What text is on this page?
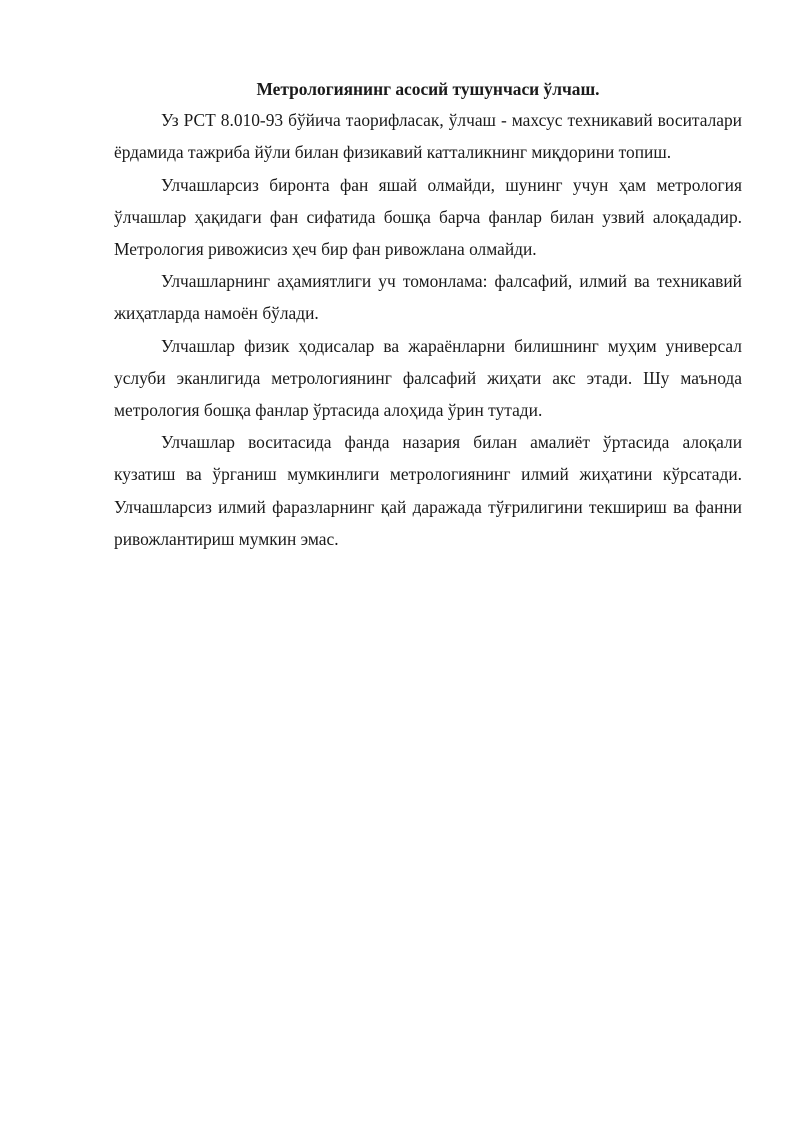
Метрологиянинг асосий тушунчаси ўлчаш.

Уз РСТ 8.010-93 бўйича таорифласак, ўлчаш - махсус техникавий воситалари ёрдамида тажриба йўли билан физикавий катталикнинг миқдорини топиш.

Улчашларсиз биронта фан яшай олмайди, шунинг учун ҳам метрология ўлчашлар ҳақидаги фан сифатида бошқа барча фанлар билан узвий алоқададир. Метрология ривожисиз ҳеч бир фан ривожлана олмайди.

Улчашларнинг аҳамиятлиги уч томонлама: фалсафий, илмий ва техникавий жиҳатларда намоён бўлади.

Улчашлар физик ҳодисалар ва жараёнларни билишнинг муҳим универсал услуби эканлигида метрологиянинг фалсафий жиҳати акс этади. Шу маънода метрология бошқа фанлар ўртасида алоҳида ўрин тутади.

Улчашлар воситасида фанда назария билан амалиёт ўртасида алоқали кузатиш ва ўрганиш мумкинлиги метрологиянинг илмий жиҳатини кўрсатади. Улчашларсиз илмий фаразларнинг қай даражада тўғрилигини текшириш ва фанни ривожлантириш мумкин эмас.
